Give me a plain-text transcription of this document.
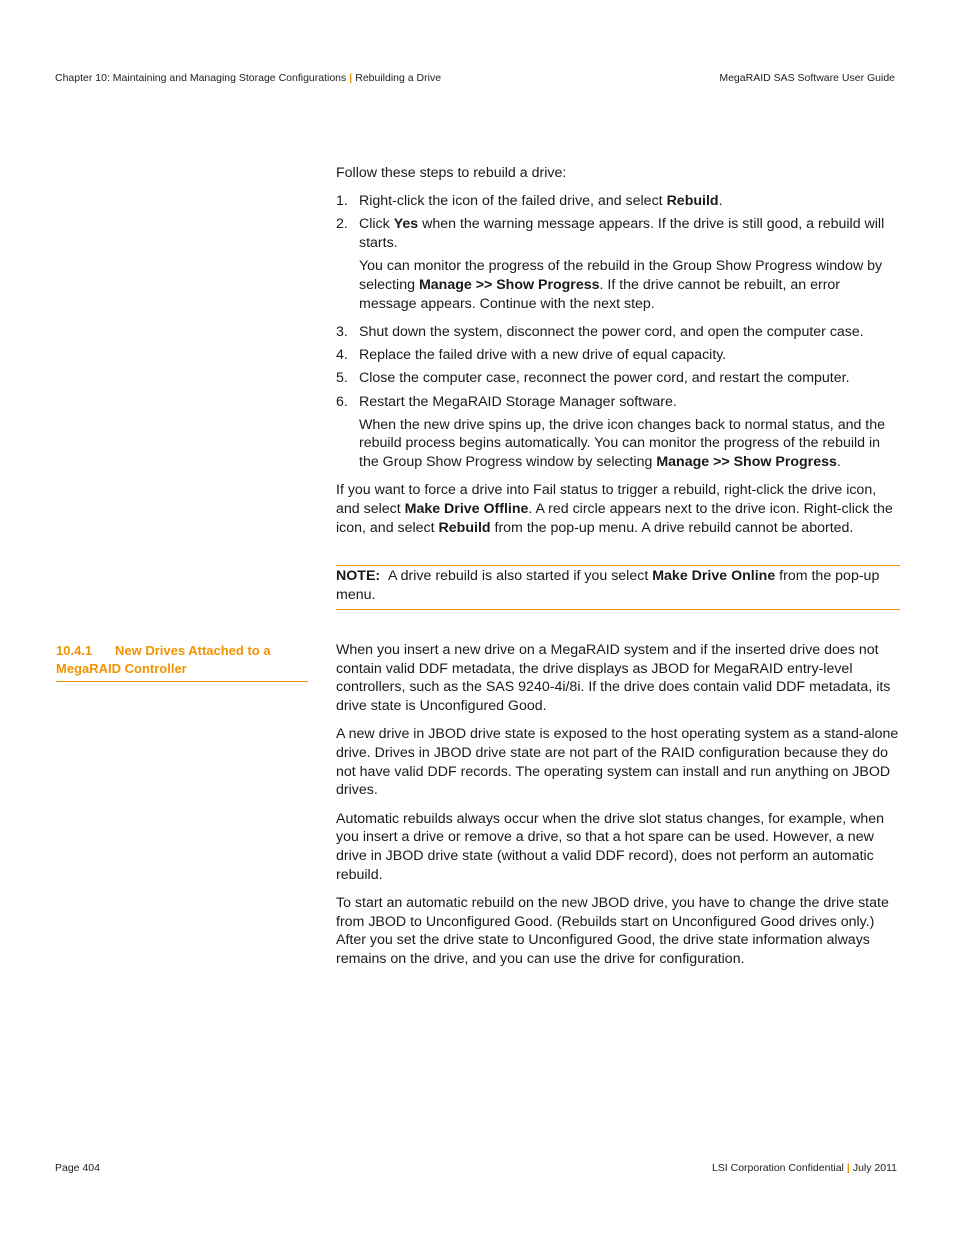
Chapter 10: Maintaining and Managing Storage Configurations | Rebuilding a Drive	MegaRAID SAS Software User Guide

Follow these steps to rebuild a drive:

1. Right-click the icon of the failed drive, and select Rebuild.
2. Click Yes when the warning message appears. If the drive is still good, a rebuild will starts.

You can monitor the progress of the rebuild in the Group Show Progress window by selecting Manage >> Show Progress. If the drive cannot be rebuilt, an error message appears. Continue with the next step.

3. Shut down the system, disconnect the power cord, and open the computer case.
4. Replace the failed drive with a new drive of equal capacity.
5. Close the computer case, reconnect the power cord, and restart the computer.
6. Restart the MegaRAID Storage Manager software.

When the new drive spins up, the drive icon changes back to normal status, and the rebuild process begins automatically. You can monitor the progress of the rebuild in the Group Show Progress window by selecting Manage >> Show Progress.

If you want to force a drive into Fail status to trigger a rebuild, right-click the drive icon, and select Make Drive Offline. A red circle appears next to the drive icon. Right-click the icon, and select Rebuild from the pop-up menu. A drive rebuild cannot be aborted.

NOTE: A drive rebuild is also started if you select Make Drive Online from the pop-up menu.

10.4.1 New Drives Attached to a MegaRAID Controller

When you insert a new drive on a MegaRAID system and if the inserted drive does not contain valid DDF metadata, the drive displays as JBOD for MegaRAID entry-level controllers, such as the SAS 9240-4i/8i. If the drive does contain valid DDF metadata, its drive state is Unconfigured Good.

A new drive in JBOD drive state is exposed to the host operating system as a stand-alone drive. Drives in JBOD drive state are not part of the RAID configuration because they do not have valid DDF records. The operating system can install and run anything on JBOD drives.

Automatic rebuilds always occur when the drive slot status changes, for example, when you insert a drive or remove a drive, so that a hot spare can be used. However, a new drive in JBOD drive state (without a valid DDF record), does not perform an automatic rebuild.

To start an automatic rebuild on the new JBOD drive, you have to change the drive state from JBOD to Unconfigured Good. (Rebuilds start on Unconfigured Good drives only.) After you set the drive state to Unconfigured Good, the drive state information always remains on the drive, and you can use the drive for configuration.

Page 404	LSI Corporation Confidential | July 2011
